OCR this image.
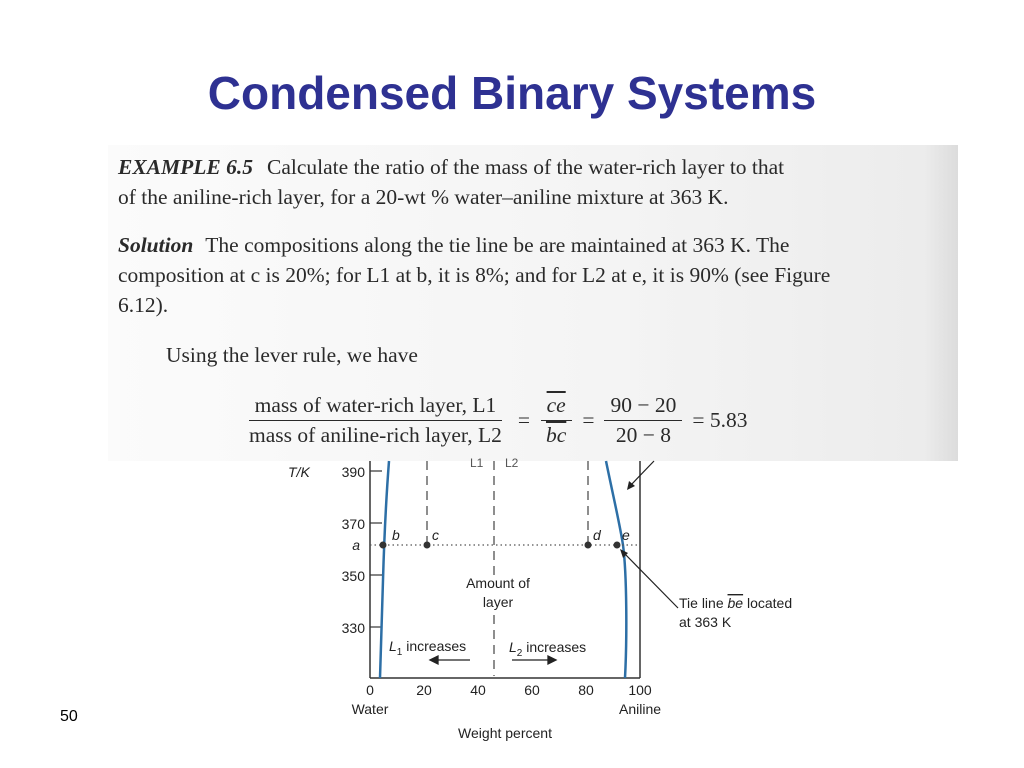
Condensed Binary Systems
EXAMPLE 6.5 Calculate the ratio of the mass of the water-rich layer to that
of the aniline-rich layer, for a 20-wt % water–aniline mixture at 363 K.
Solution The compositions along the tie line be are maintained at 363 K. The
composition at c is 20%; for L1 at b, it is 8%; and for L2 at e, it is 90% (see Figure
6.12).
Using the lever rule, we have
$\frac{\text{mass of water-rich layer, L1}}{\text{mass of aniline-rich layer, L2}} = \frac{\overline{ce}}{bc} = \frac{90 - 20}{20 - 8} = 5.83$
390
370
350
330
T/K
a
0	20	40	60	80 100
Water	Aniline
Weight percent
L1 L2
b c	d e
Amount of
layer
$L_1$ increases	$L_2$ increases
Tie line be located
at 363 K
50
